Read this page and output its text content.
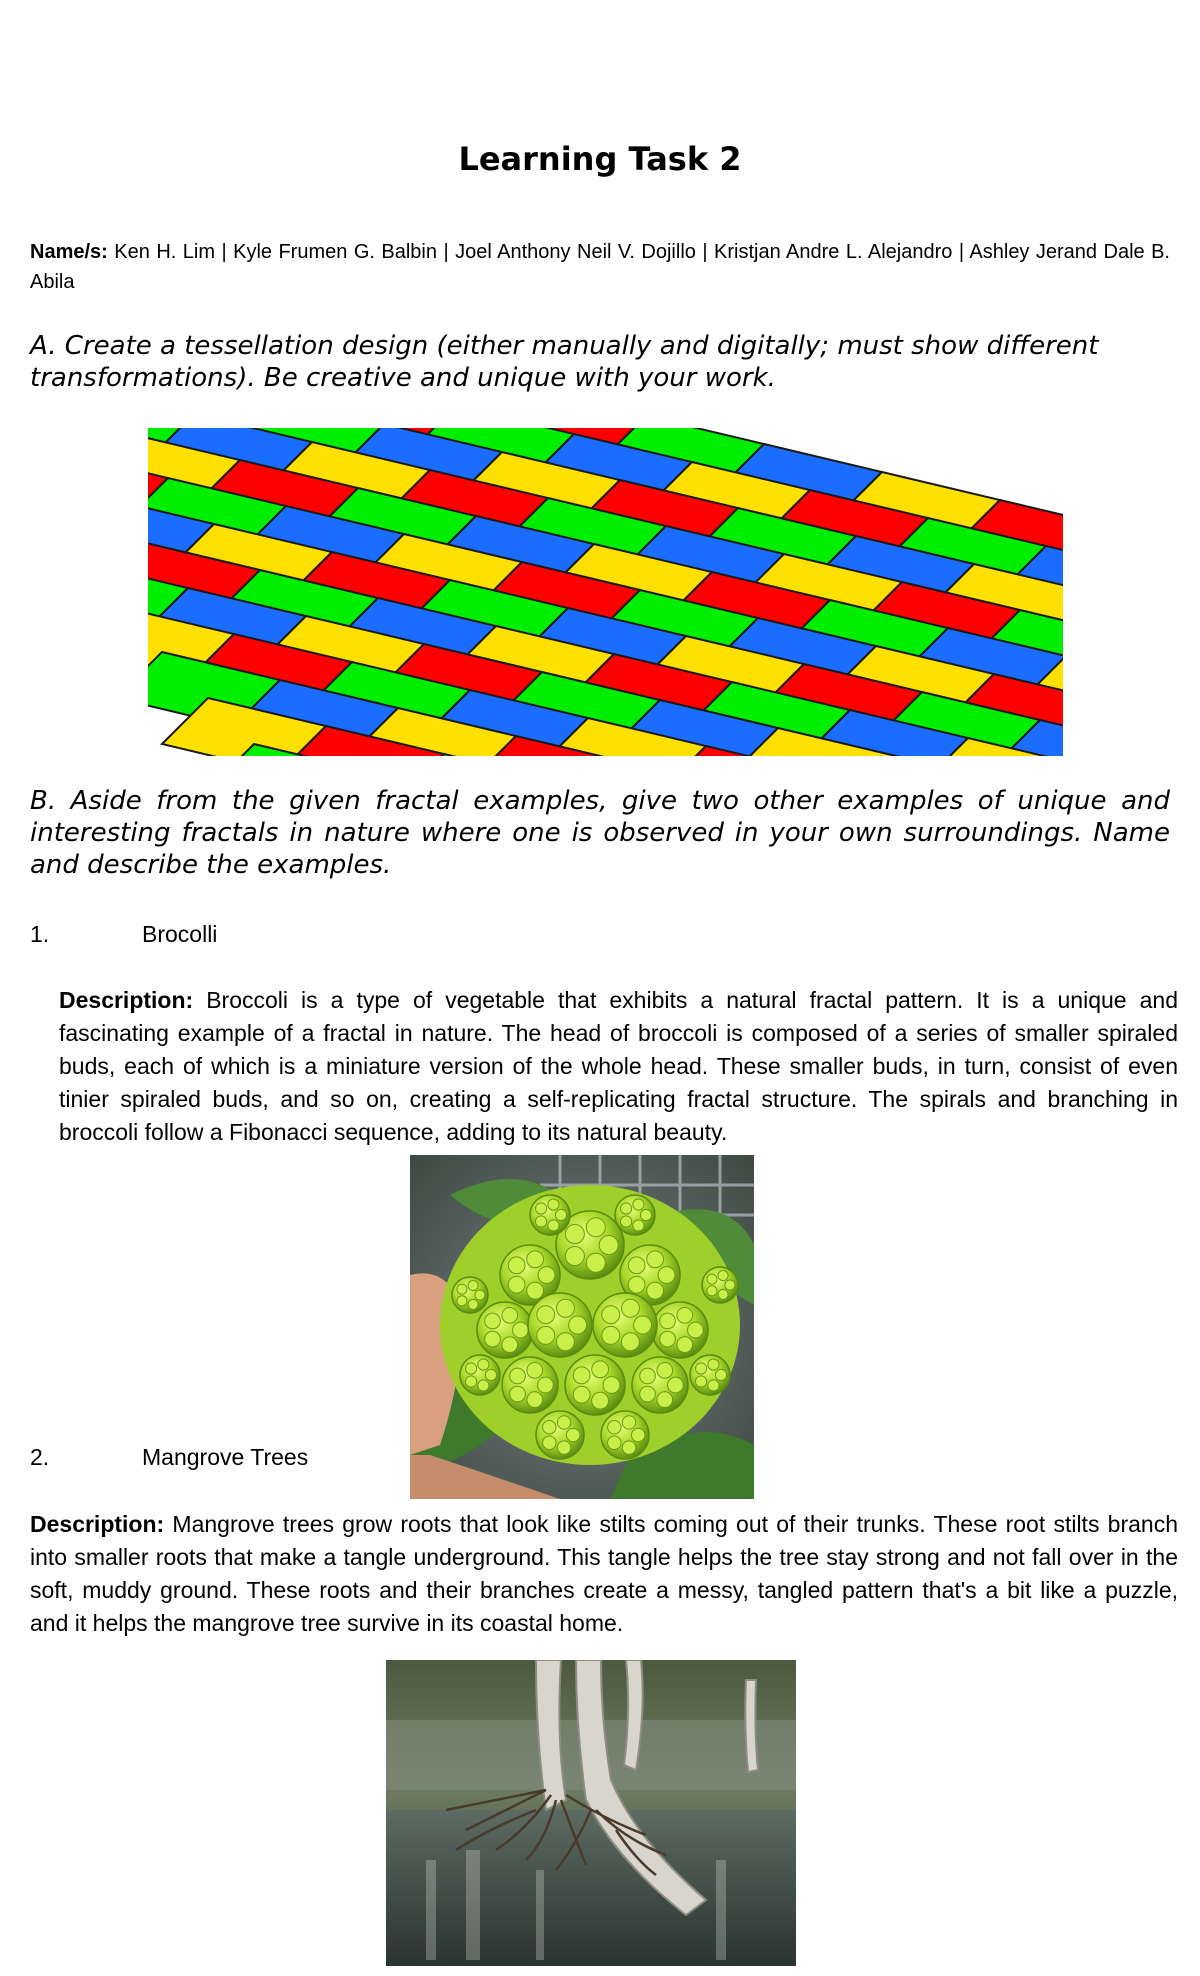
Learning Task 2
Name/s: Ken H. Lim | Kyle Frumen G. Balbin | Joel Anthony Neil V. Dojillo | Kristjan Andre L. Alejandro | Ashley Jerand Dale B. Abila
A. Create a tessellation design (either manually and digitally; must show different transformations). Be creative and unique with your work.
B. Aside from the given fractal examples, give two other examples of unique and interesting fractals in nature where one is observed in your own surroundings. Name and describe the examples.
1.	Brocolli
Description: Broccoli is a type of vegetable that exhibits a natural fractal pattern. It is a unique and fascinating example of a fractal in nature. The head of broccoli is composed of a series of smaller spiraled buds, each of which is a miniature version of the whole head. These smaller buds, in turn, consist of even tinier spiraled buds, and so on, creating a self-replicating fractal structure. The spirals and branching in broccoli follow a Fibonacci sequence, adding to its natural beauty.
2.	Mangrove Trees
Description: Mangrove trees grow roots that look like stilts coming out of their trunks. These root stilts branch into smaller roots that make a tangle underground. This tangle helps the tree stay strong and not fall over in the soft, muddy ground. These roots and their branches create a messy, tangled pattern that's a bit like a puzzle, and it helps the mangrove tree survive in its coastal home.
